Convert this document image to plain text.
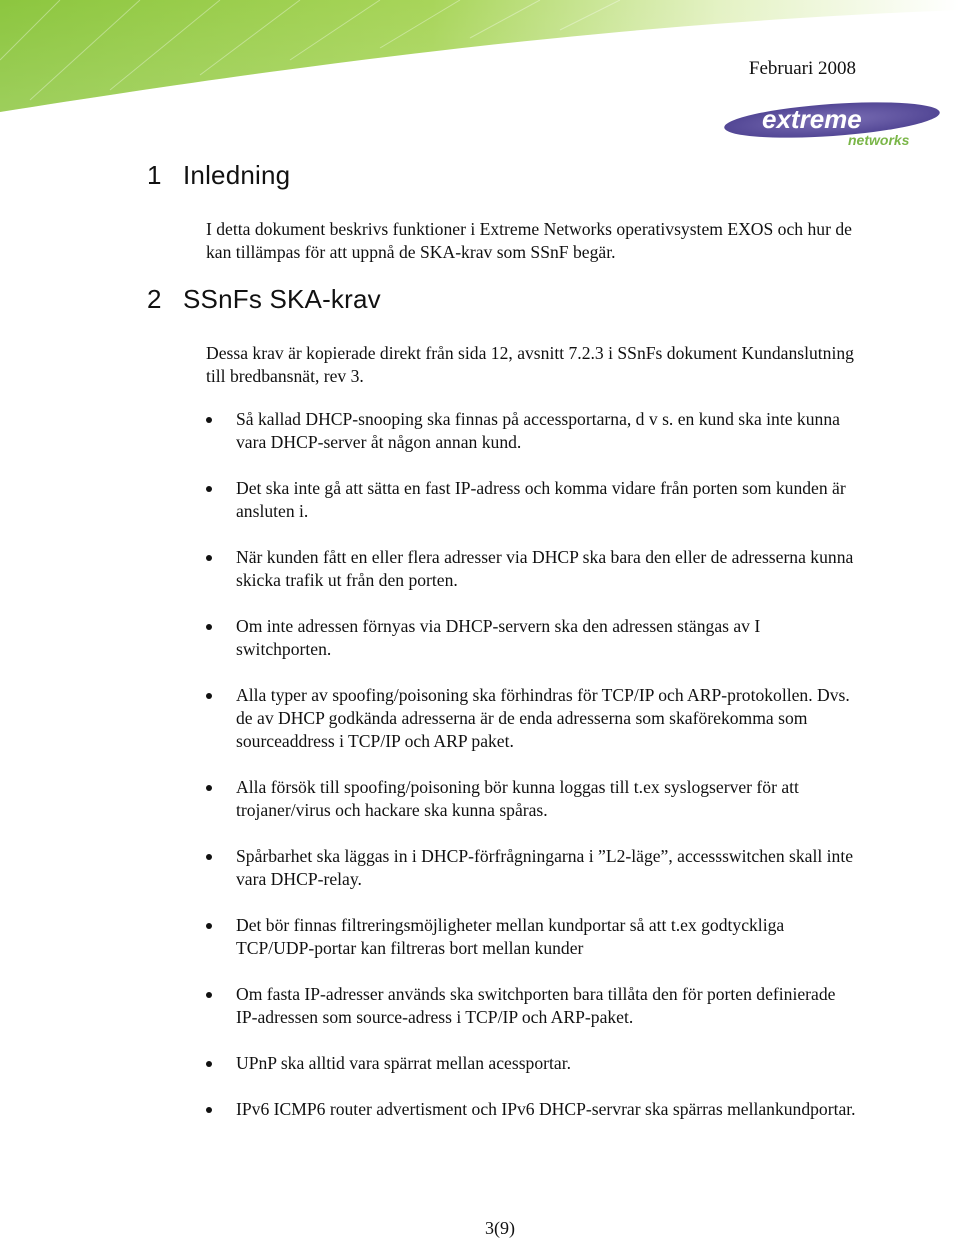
Februari 2008
extreme
networks
1 Inledning

I detta dokument beskrivs funktioner i Extreme Networks operativsystem EXOS och hur de kan tillämpas för att uppnå de SKA-krav som SSnF begär.

2 SSnFs SKA-krav

Dessa krav är kopierade direkt från sida 12, avsnitt 7.2.3 i SSnFs dokument Kundanslutning till bredbansnät, rev 3.

Så kallad DHCP-snooping ska finnas på accessportarna, d v s. en kund ska inte kunna vara DHCP-server åt någon annan kund.
Det ska inte gå att sätta en fast IP-adress och komma vidare från porten som kunden är ansluten i.
När kunden fått en eller flera adresser via DHCP ska bara den eller de adresserna kunna skicka trafik ut från den porten.
Om inte adressen förnyas via DHCP-servern ska den adressen stängas av I switchporten.
Alla typer av spoofing/poisoning ska förhindras för TCP/IP och ARP-protokollen. Dvs. de av DHCP godkända adresserna är de enda adresserna som skaförekomma som sourceaddress i TCP/IP och ARP paket.
Alla försök till spoofing/poisoning bör kunna loggas till t.ex syslogserver för att trojaner/virus och hackare ska kunna spåras.
Spårbarhet ska läggas in i DHCP-förfrågningarna i ”L2-läge”, accessswitchen skall inte vara DHCP-relay.
Det bör finnas filtreringsmöjligheter mellan kundportar så att t.ex godtyckliga TCP/UDP-portar kan filtreras bort mellan kunder
Om fasta IP-adresser används ska switchporten bara tillåta den för porten definierade IP-adressen som source-adress i TCP/IP och ARP-paket.
UPnP ska alltid vara spärrat mellan acessportar.
IPv6 ICMP6 router advertisment och IPv6 DHCP-servrar ska spärras mellankundportar.
3(9)
